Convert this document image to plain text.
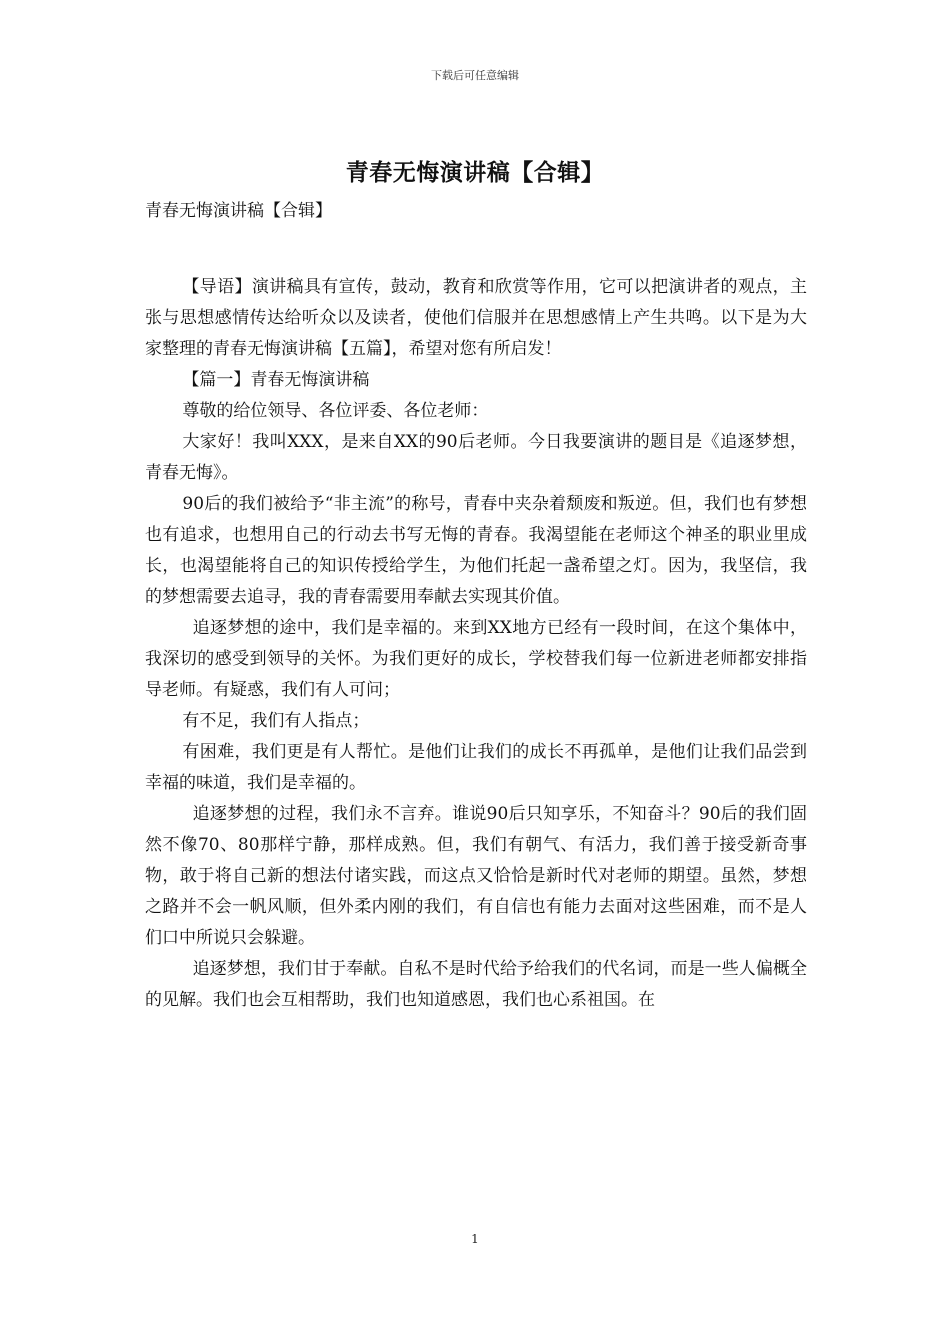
下载后可任意编辑
青春无悔演讲稿【合辑】

青春无悔演讲稿【合辑】

【导语】演讲稿具有宣传，鼓动，教育和欣赏等作用，它可以把演讲者的观点，主张与思想感情传达给听众以及读者，使他们信服并在思想感情上产生共鸣。以下是为大家整理的青春无悔演讲稿【五篇】，希望对您有所启发！

【篇一】青春无悔演讲稿

尊敬的给位领导、各位评委、各位老师：

大家好！我叫XXX，是来自XX的90后老师。今日我要演讲的题目是《追逐梦想，青春无悔》。

90后的我们被给予“非主流”的称号，青春中夹杂着颓废和叛逆。但，我们也有梦想也有追求，也想用自己的行动去书写无悔的青春。我渴望能在老师这个神圣的职业里成长，也渴望能将自己的知识传授给学生，为他们托起一盏希望之灯。因为，我坚信，我的梦想需要去追寻，我的青春需要用奉献去实现其价值。

追逐梦想的途中，我们是幸福的。来到XX地方已经有一段时间，在这个集体中，我深切的感受到领导的关怀。为我们更好的成长，学校替我们每一位新进老师都安排指导老师。有疑惑，我们有人可问；

有不足，我们有人指点；

有困难，我们更是有人帮忙。是他们让我们的成长不再孤单，是他们让我们品尝到幸福的味道，我们是幸福的。

追逐梦想的过程，我们永不言弃。谁说90后只知享乐，不知奋斗？90后的我们固然不像70、80那样宁静，那样成熟。但，我们有朝气、有活力，我们善于接受新奇事物，敢于将自己新的想法付诸实践，而这点又恰恰是新时代对老师的期望。虽然，梦想之路并不会一帆风顺，但外柔内刚的我们，有自信也有能力去面对这些困难，而不是人们口中所说只会躲避。

追逐梦想，我们甘于奉献。自私不是时代给予给我们的代名词，而是一些人偏概全的见解。我们也会互相帮助，我们也知道感恩，我们也心系祖国。在

1
